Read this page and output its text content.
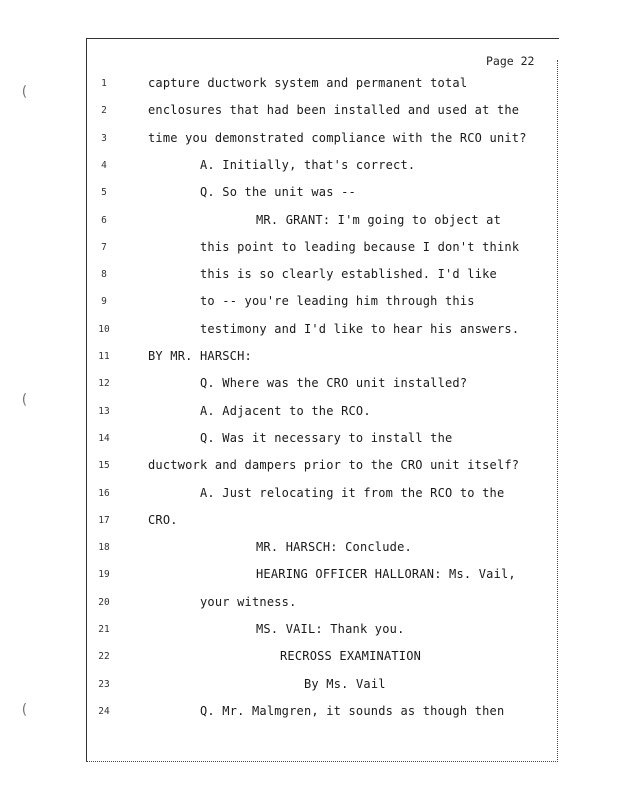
Page 22
(
(
(
1	capture ductwork system and permanent total
2	enclosures that had been installed and used at the
3	time you demonstrated compliance with the RCO unit?
4	A. Initially, that's correct.
5	Q. So the unit was --
6	MR. GRANT: I'm going to object at
7	this point to leading because I don't think
8	this is so clearly established. I'd like
9	to -- you're leading him through this
10	testimony and I'd like to hear his answers.
11	BY MR. HARSCH:
12	Q. Where was the CRO unit installed?
13	A. Adjacent to the RCO.
14	Q. Was it necessary to install the
15	ductwork and dampers prior to the CRO unit itself?
16	A. Just relocating it from the RCO to the
17	CRO.
18	MR. HARSCH: Conclude.
19	HEARING OFFICER HALLORAN: Ms. Vail,
20	your witness.
21	MS. VAIL: Thank you.
22	RECROSS EXAMINATION
23	By Ms. Vail
24	Q. Mr. Malmgren, it sounds as though then
